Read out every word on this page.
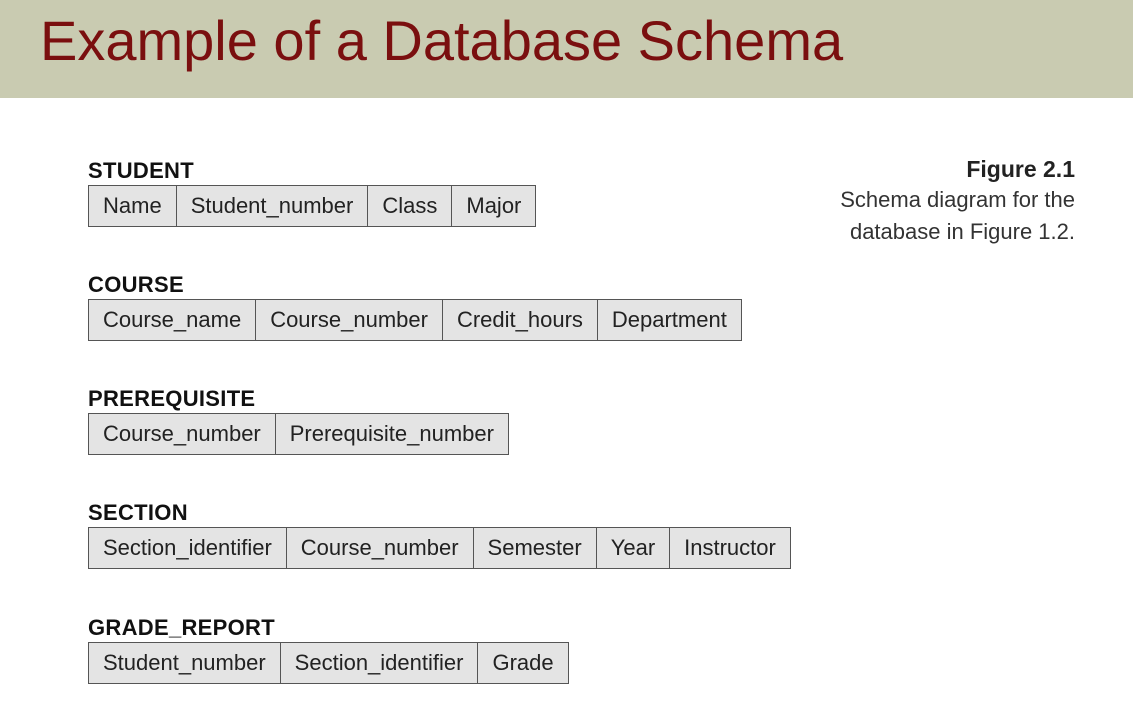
Example of a Database Schema
Figure 2.1
Schema diagram for the
database in Figure 1.2.
STUDENT
Name	Student_number	Class	Major
COURSE
Course_name	Course_number	Credit_hours	Department
PREREQUISITE
Course_number	Prerequisite_number
SECTION
Section_identifier	Course_number	Semester	Year	Instructor
GRADE_REPORT
Student_number	Section_identifier	Grade
